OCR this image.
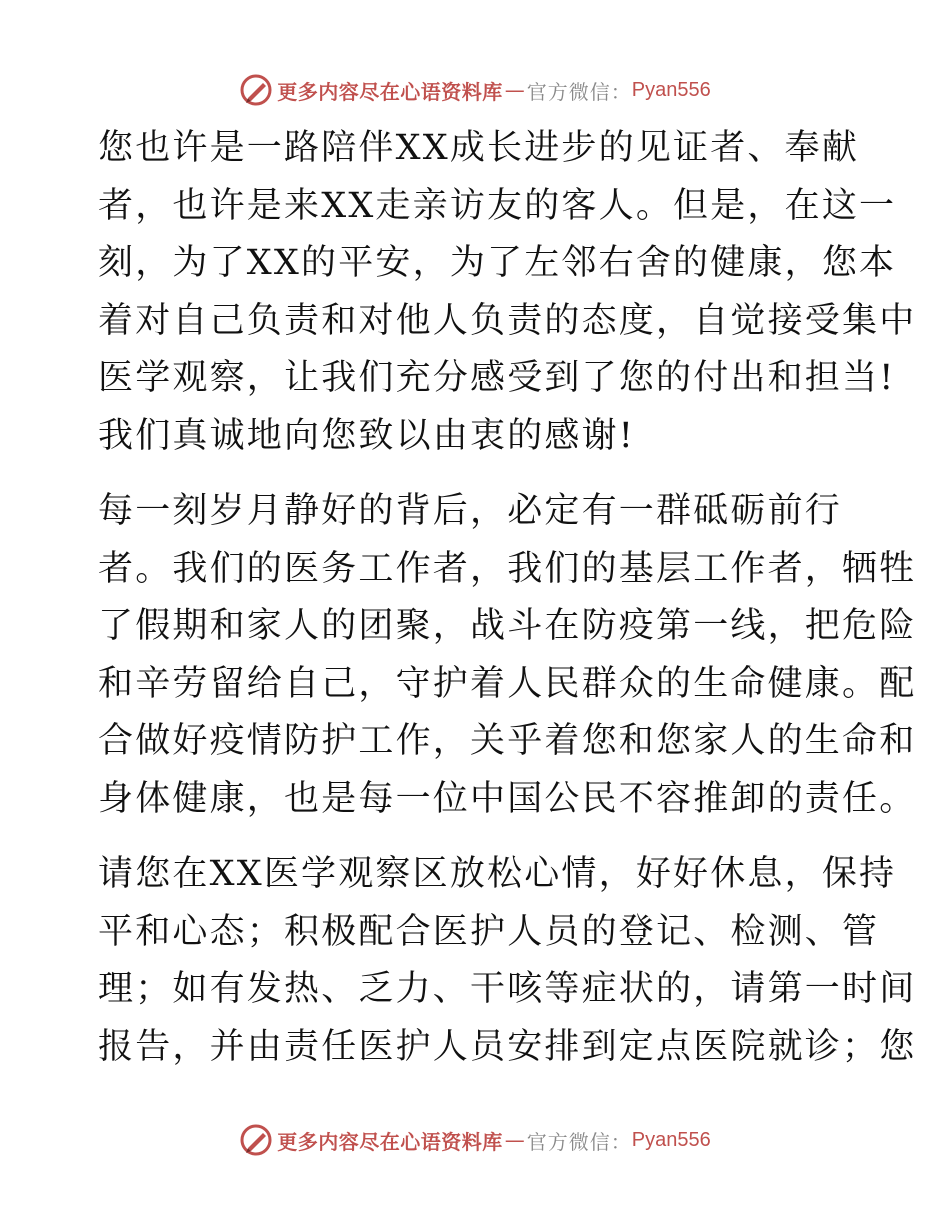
更多内容尽在心语资料库 — 官方微信： Pyan556

您也许是一路陪伴XX成长进步的见证者、奉献
者，也许是来XX走亲访友的客人。但是，在这一
刻，为了XX的平安，为了左邻右舍的健康，您本
着对自己负责和对他人负责的态度，自觉接受集中
医学观察，让我们充分感受到了您的付出和担当!
我们真诚地向您致以由衷的感谢!

每一刻岁月静好的背后，必定有一群砥砺前行
者。我们的医务工作者，我们的基层工作者，牺牲
了假期和家人的团聚，战斗在防疫第一线，把危险
和辛劳留给自己，守护着人民群众的生命健康。配
合做好疫情防护工作，关乎着您和您家人的生命和
身体健康，也是每一位中国公民不容推卸的责任。

请您在XX医学观察区放松心情，好好休息，保持
平和心态；积极配合医护人员的登记、检测、管
理；如有发热、乏力、干咳等症状的，请第一时间
报告，并由责任医护人员安排到定点医院就诊；您

更多内容尽在心语资料库 — 官方微信： Pyan556
